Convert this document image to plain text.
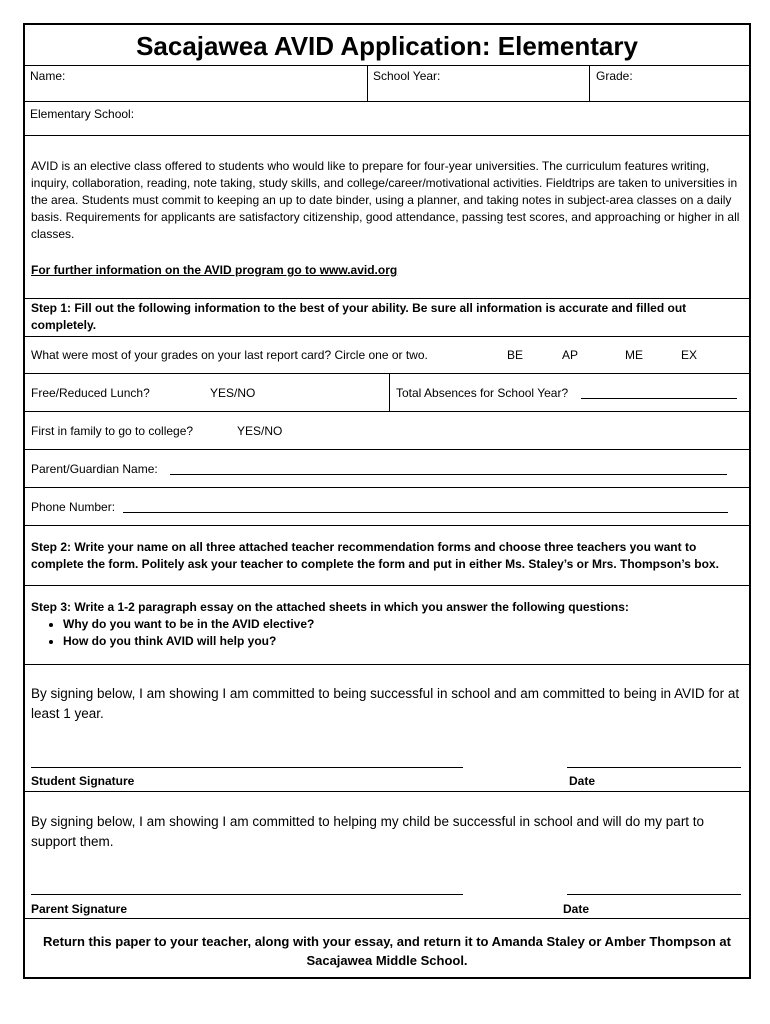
Sacajawea AVID Application: Elementary
Name:	School Year:	Grade:
Elementary School:
AVID is an elective class offered to students who would like to prepare for four-year universities. The curriculum features writing, inquiry, collaboration, reading, note taking, study skills, and college/career/motivational activities. Fieldtrips are taken to universities in the area. Students must commit to keeping an up to date binder, using a planner, and taking notes in subject-area classes on a daily basis. Requirements for applicants are satisfactory citizenship, good attendance, passing test scores, and approaching or higher in all classes.
For further information on the AVID program go to www.avid.org
Step 1: Fill out the following information to the best of your ability. Be sure all information is accurate and filled out completely.
What were most of your grades on your last report card? Circle one or two.	BE	AP	ME	EX
Free/Reduced Lunch?	YES/NO	Total Absences for School Year?
First in family to go to college?	YES/NO
Parent/Guardian Name:
Phone Number:
Step 2: Write your name on all three attached teacher recommendation forms and choose three teachers you want to complete the form. Politely ask your teacher to complete the form and put in either Ms. Staley’s or Mrs. Thompson’s box.
Step 3: Write a 1-2 paragraph essay on the attached sheets in which you answer the following questions:
• Why do you want to be in the AVID elective?
• How do you think AVID will help you?
By signing below, I am showing I am committed to being successful in school and am committed to being in AVID for at least 1 year.
Student Signature	Date
By signing below, I am showing I am committed to helping my child be successful in school and will do my part to support them.
Parent Signature	Date
Return this paper to your teacher, along with your essay, and return it to Amanda Staley or Amber Thompson at Sacajawea Middle School.
